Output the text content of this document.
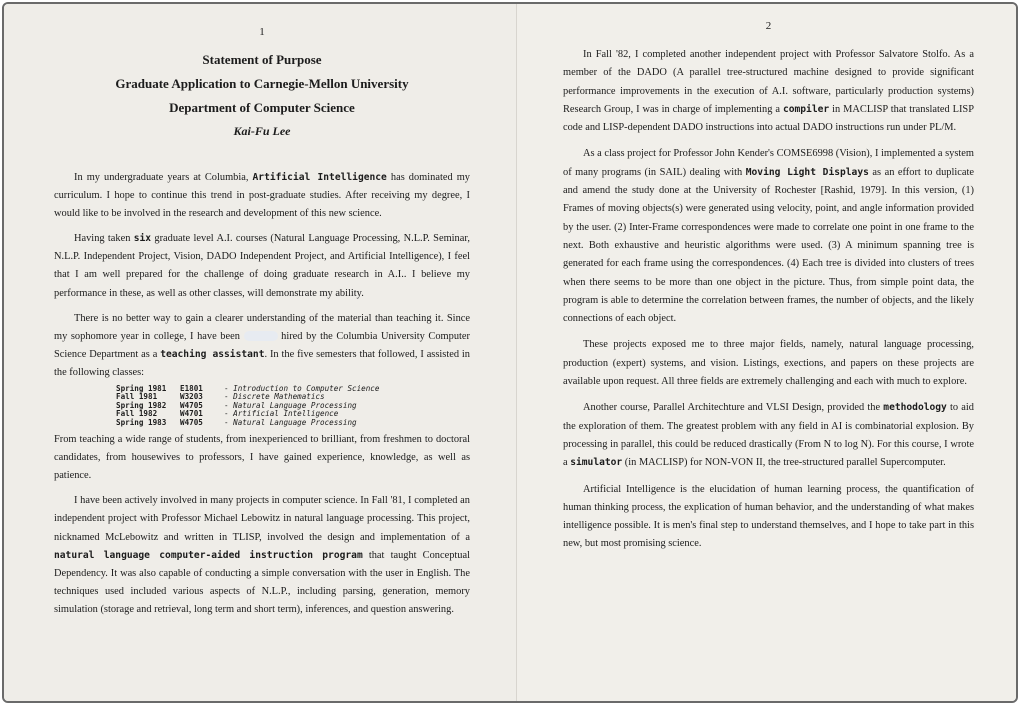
1
Statement of Purpose
Graduate Application to Carnegie-Mellon University
Department of Computer Science
Kai-Fu Lee

In my undergraduate years at Columbia, Artificial Intelligence has dominated my curriculum. I hope to continue this trend in post-graduate studies. After receiving my degree, I would like to be involved in the research and development of this new science.

Having taken six graduate level A.I. courses (Natural Language Processing, N.L.P. Seminar, N.L.P. Independent Project, Vision, DADO Independent Project, and Artificial Intelligence), I feel that I am well prepared for the challenge of doing graduate research in A.I.. I believe my performance in these, as well as other classes, will demonstrate my ability.

There is no better way to gain a clearer understanding of the material than teaching it. Since my sophomore year in college, I have been	hired by the Columbia University Computer Science Department as a teaching assistant. In the five semesters that followed, I assisted in the following classes:

Spring 1981 E1801	- Introduction to Computer Science
Fall 1981	W3203	- Discrete Mathematics
Spring 1982 W4705	- Natural Language Processing
Fall 1982	W4701	- Artificial Intelligence
Spring 1983 W4705	- Natural Language Processing

From teaching a wide range of students, from inexperienced to brilliant, from freshmen to doctoral candidates, from housewives to professors, I have gained experience, knowledge, as well as patience.

I have been actively involved in many projects in computer science. In Fall '81, I completed an independent project with Professor Michael Lebowitz in natural language processing. This project, nicknamed McLebowitz and written in TLISP, involved the design and implementation of a natural language computer-aided instruction program that taught Conceptual Dependency. It was also capable of conducting a simple conversation with the user in English. The techniques used included various aspects of N.L.P., including parsing, generation, memory simulation (storage and retrieval, long term and short term), inferences, and question answering.

2

In Fall '82, I completed another independent project with Professor Salvatore Stolfo. As a member of the DADO (A parallel tree-structured machine designed to provide significant performance improvements in the execution of A.I. software, particularly production systems) Research Group, I was in charge of implementing a compiler in MACLISP that translated LISP code and LISP-dependent DADO instructions into actual DADO instructions run under PL/M.

As a class project for Professor John Kender's COMSE6998 (Vision), I implemented a system of many programs (in SAIL) dealing with Moving Light Displays as an effort to duplicate and amend the study done at the University of Rochester [Rashid, 1979]. In this version, (1) Frames of moving objects(s) were generated using velocity, point, and angle information provided by the user. (2) Inter-Frame correspondences were made to correlate one point in one frame to the next. Both exhaustive and heuristic algorithms were used. (3) A minimum spanning tree is generated for each frame using the correspondences. (4) Each tree is divided into clusters of trees when there seems to be more than one object in the picture. Thus, from simple point data, the program is able to determine the correlation between frames, the number of objects, and the likely connections of each object.

These projects exposed me to three major fields, namely, natural language processing, production (expert) systems, and vision. Listings, exections, and papers on these projects are available upon request. All three fields are extremely challenging and each with much to explore.

Another course, Parallel Architechture and VLSI Design, provided the methodology to aid the exploration of them. The greatest problem with any field in AI is combinatorial explosion. By processing in parallel, this could be reduced drastically (From N to log N). For this course, I wrote a simulator (in MACLISP) for NON-VON II, the tree-structured parallel Supercomputer.

Artificial Intelligence is the elucidation of human learning process, the quantification of human thinking process, the explication of human behavior, and the understanding of what makes intelligence possible. It is men's final step to understand themselves, and I hope to take part in this new, but most promising science.
